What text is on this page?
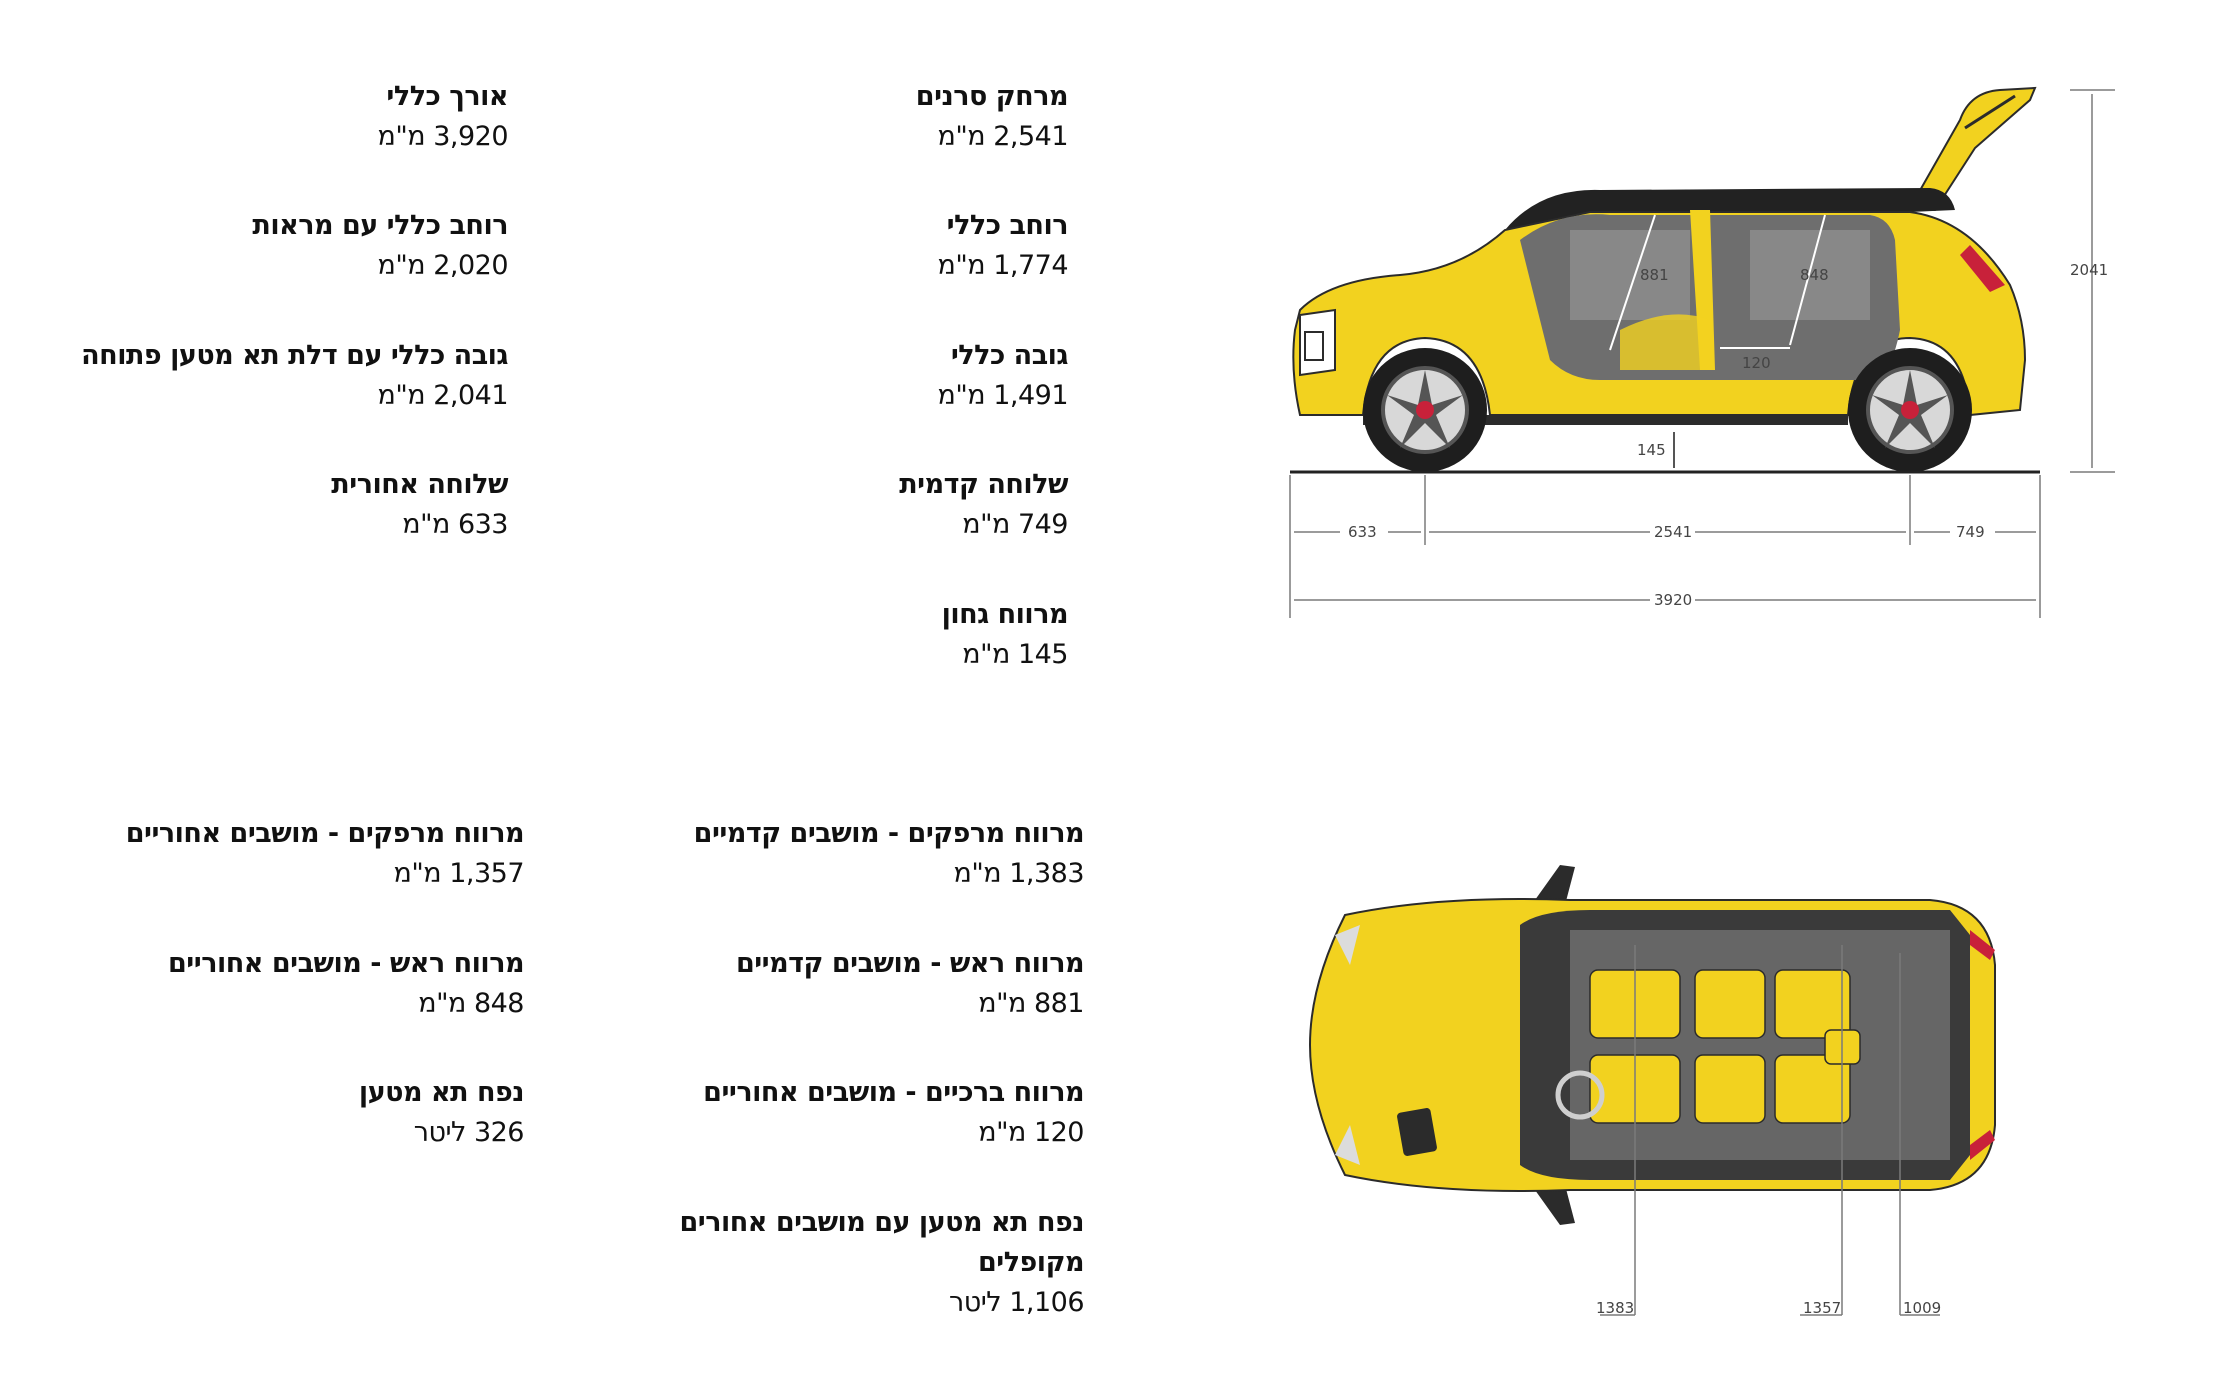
מרחק סרנים
2,541 מ"מ
רוחב כללי
1,774 מ"מ
גובה כללי
1,491 מ"מ
שלוחה קדמית
749 מ"מ
מרווח גחון
145 מ"מ
אורך כללי
3,920 מ"מ
רוחב כללי עם מראות
2,020 מ"מ
גובה כללי עם דלת תא מטען פתוחה
2,041 מ"מ
שלוחה אחורית
633 מ"מ
מרווח מרפקים - מושבים קדמיים
1,383 מ"מ
מרווח ראש - מושבים קדמיים
881 מ"מ
מרווח ברכיים - מושבים אחוריים
120 מ"מ
נפח תא מטען עם מושבים אחורים מקופלים
1,106 ליטר
מרווח מרפקים - מושבים אחוריים
1,357 מ"מ
מרווח ראש - מושבים אחוריים
848 מ"מ
נפח תא מטען
326 ליטר
881	848
120
145
2041
633	2541	749
3920
1383	1357	1009
